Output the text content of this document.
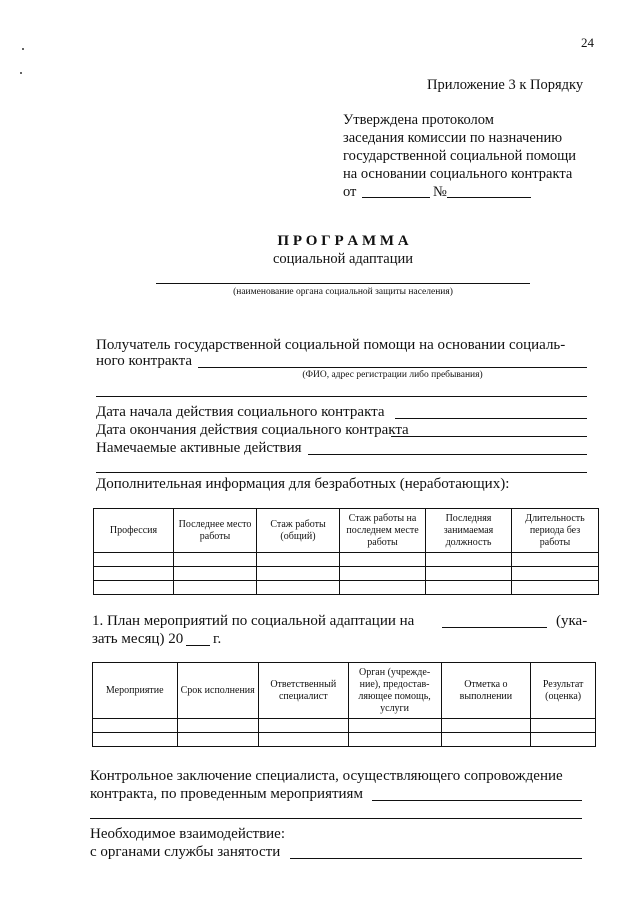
24
Приложение 3 к Порядку
Утверждена протоколом
заседания комиссии по назначению
государственной социальной помощи
на основании социального контракта
от	№
П Р О Г Р А М М А
социальной адаптации
(наименование органа социальной защиты населения)
Получатель государственной социальной помощи на основании социаль-
ного контракта
(ФИО, адрес регистрации либо пребывания)
Дата начала действия социального контракта
Дата окончания действия социального контракта
Намечаемые активные действия
Дополнительная информация для безработных (неработающих):
Профессия	Последнее место работы	Стаж работы (общий)	Стаж работы на последнем месте работы	Последняя занимаемая должность	Длительность периода без работы

1. План мероприятий по социальной адаптации на	(ука-
зать месяц) 20 г.
Мероприятие	Срок исполнения	Ответственный специалист	Орган (учрежде- ние), предостав- ляющее помощь, услуги	Отметка о выполнении	Результат (оценка)

Контрольное заключение специалиста, осуществляющего сопровождение
контракта, по проведенным мероприятиям
Необходимое взаимодействие:
с органами службы занятости
